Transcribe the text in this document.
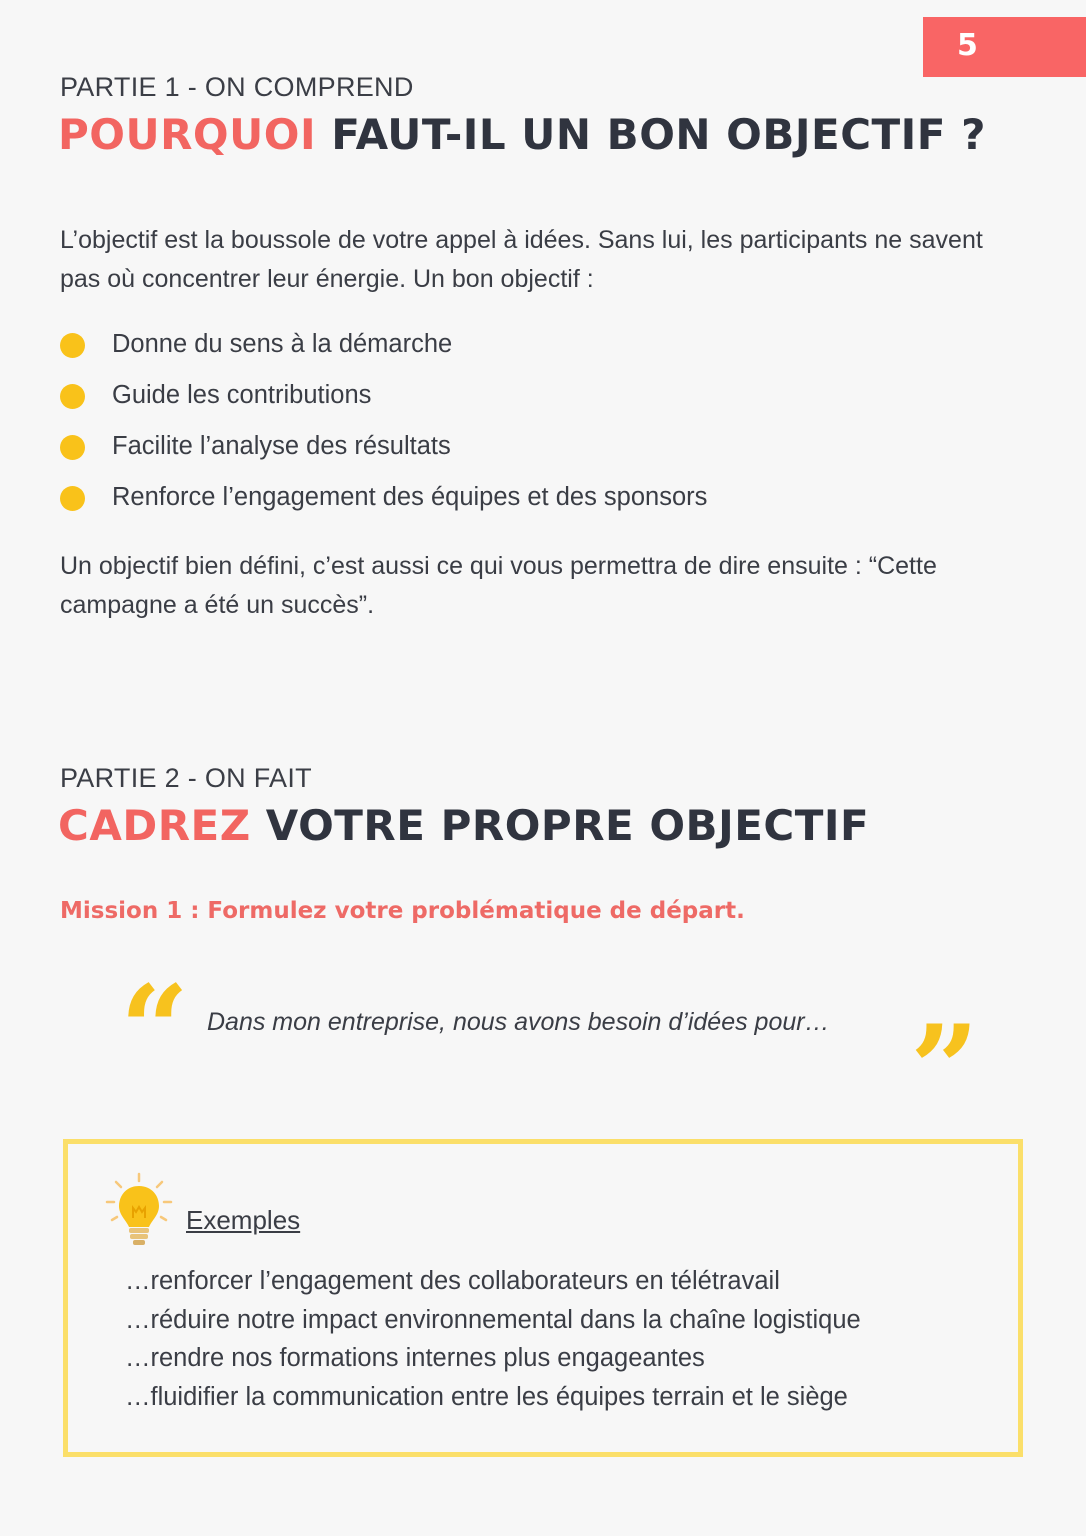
5
PARTIE 1 - ON COMPREND
POURQUOI FAUT-IL UN BON OBJECTIF ?
L’objectif est la boussole de votre appel à idées. Sans lui, les participants ne savent pas où concentrer leur énergie. Un bon objectif :
Donne du sens à la démarche
Guide les contributions
Facilite l’analyse des résultats
Renforce l’engagement des équipes et des sponsors
Un objectif bien défini, c’est aussi ce qui vous permettra de dire ensuite : “Cette campagne a été un succès”.
PARTIE 2 - ON FAIT
CADREZ VOTRE PROPRE OBJECTIF
Mission 1 : Formulez votre problématique de départ.
“ Dans mon entreprise, nous avons besoin d’idées pour… ”
Exemples
…renforcer l’engagement des collaborateurs en télétravail
…réduire notre impact environnemental dans la chaîne logistique
…rendre nos formations internes plus engageantes
…fluidifier la communication entre les équipes terrain et le siège
